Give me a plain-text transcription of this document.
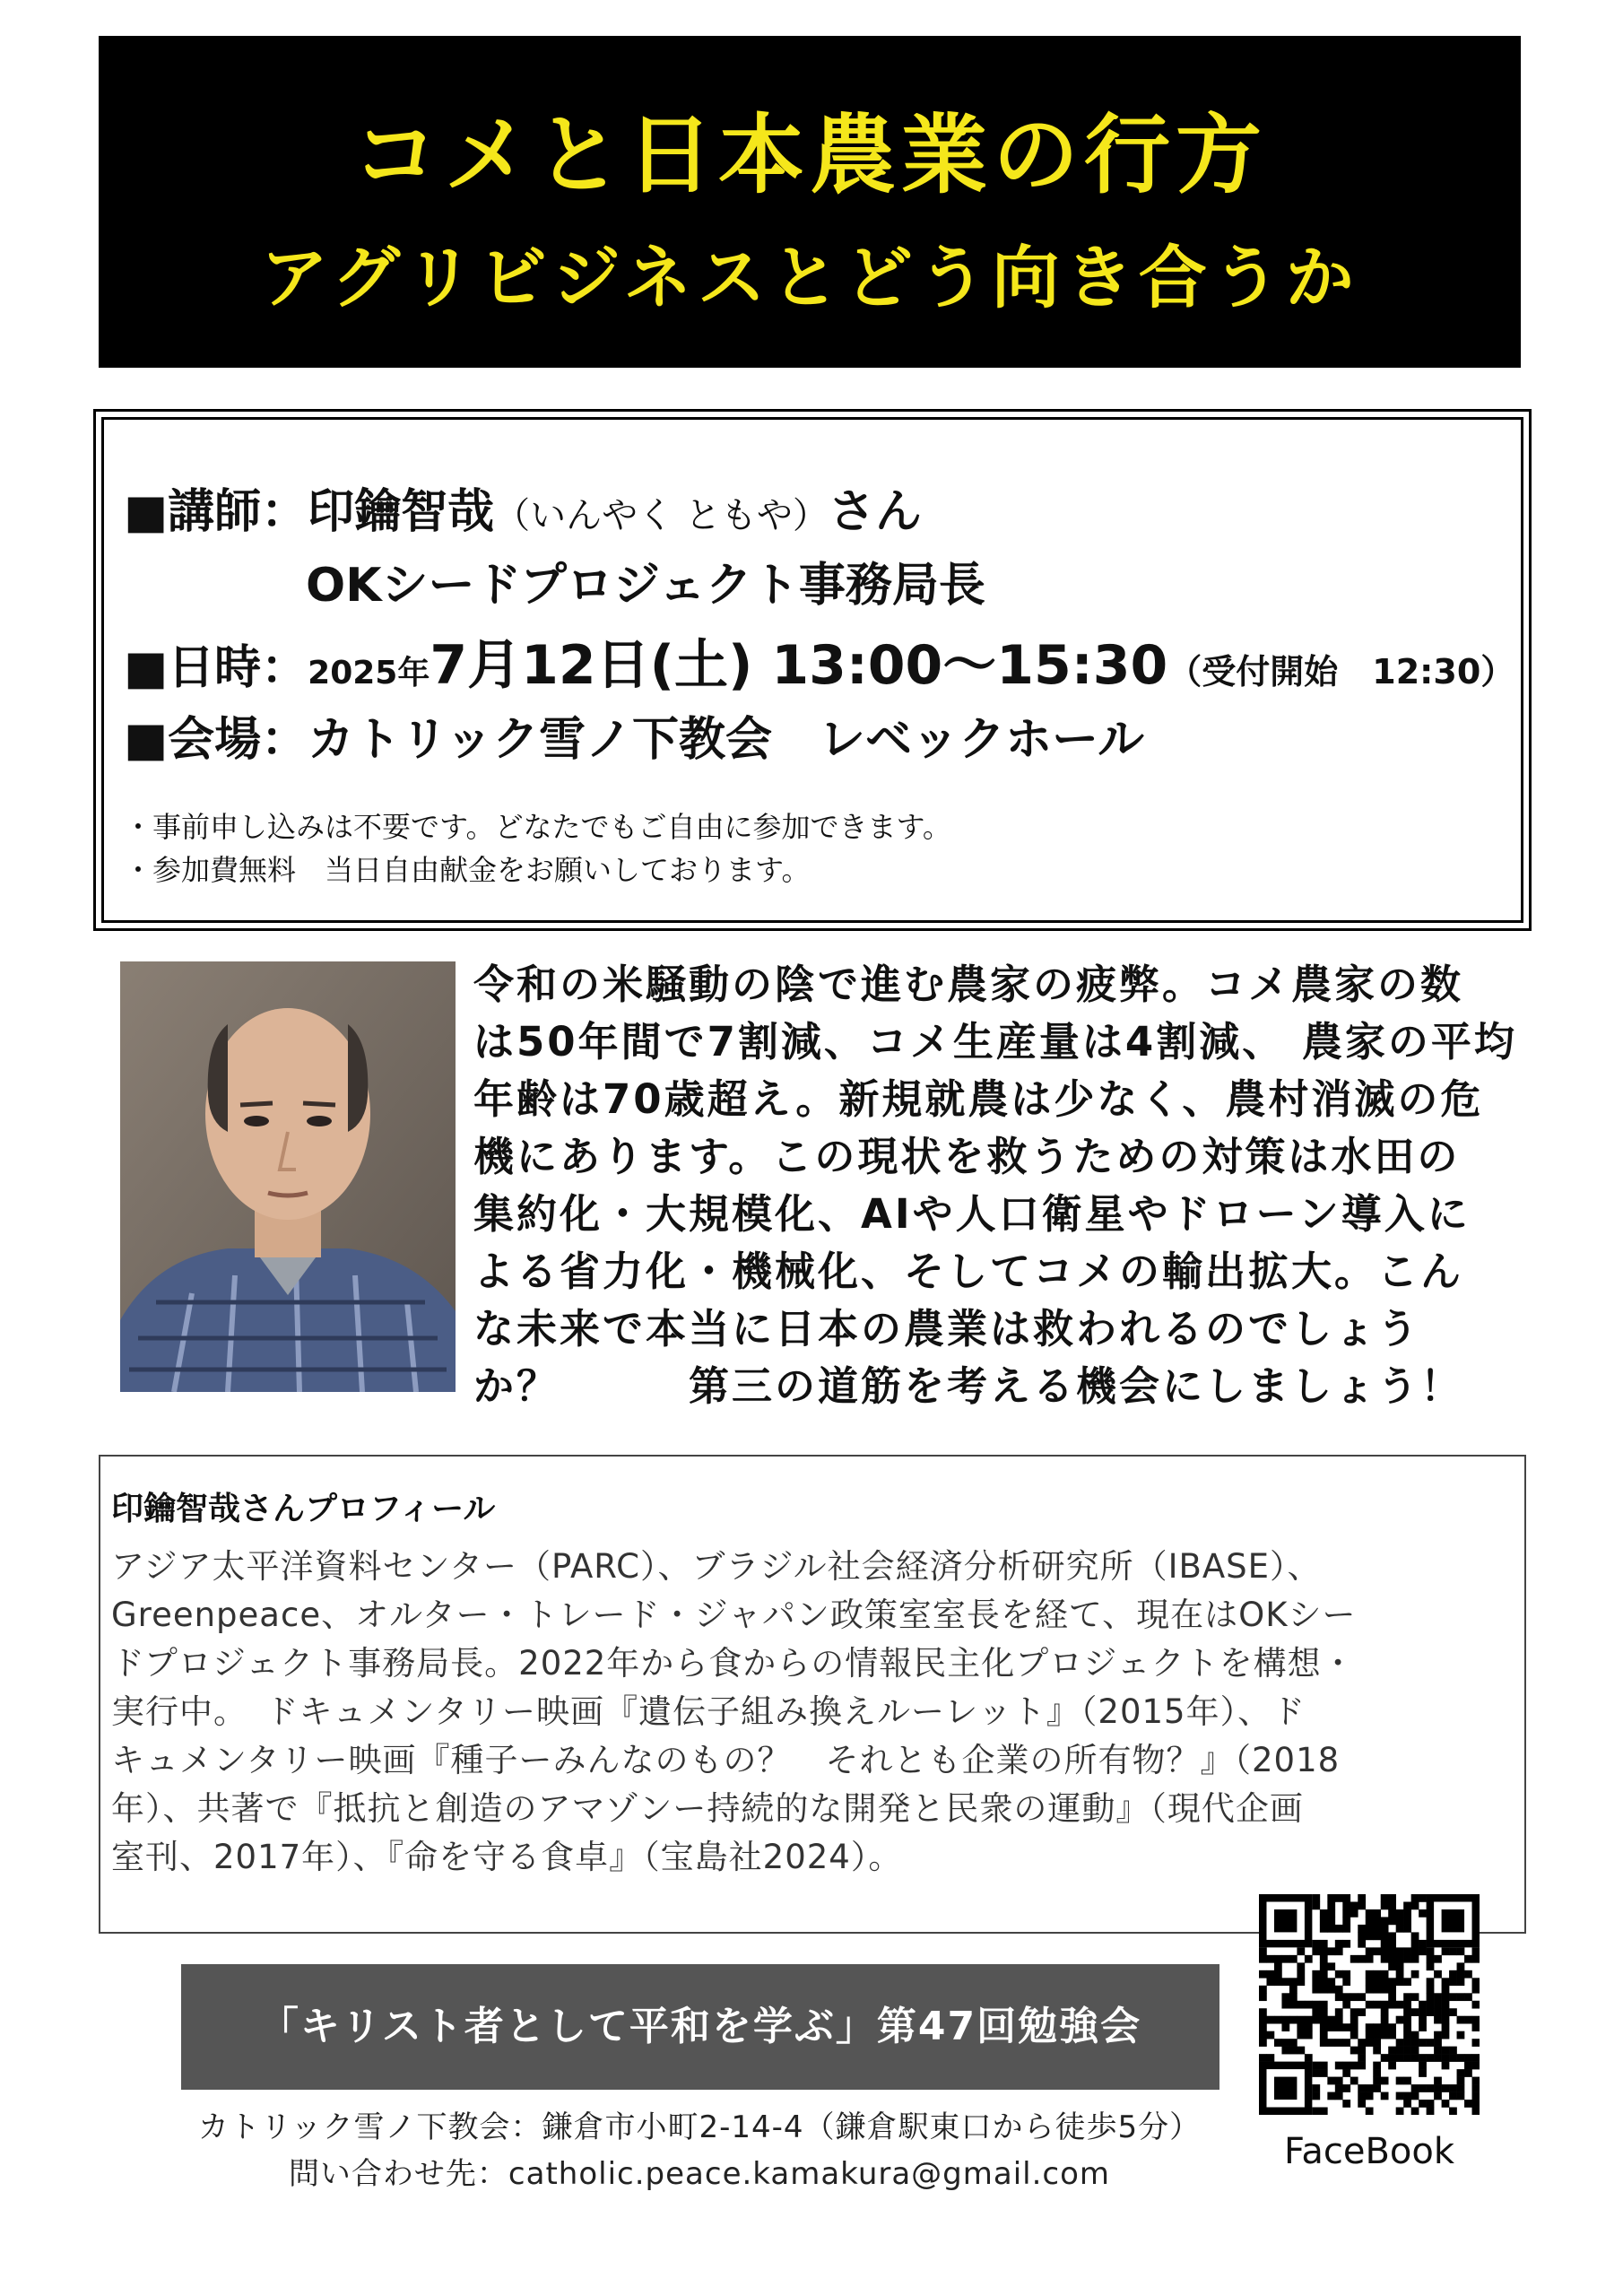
コメと日本農業の行方
アグリビジネスとどう向き合うか
■講師：印鑰智哉（いんやく ともや）さん
OKシードプロジェクト事務局長
■日時：2025年7月12日(土) 13:00〜15:30（受付開始　12:30）
■会場：カトリック雪ノ下教会　レベックホール
・事前申し込みは不要です。どなたでもご自由に参加できます。
・参加費無料　当日自由献金をお願いしております。
令和の米騒動の陰で進む農家の疲弊。コメ農家の数
は50年間で7割減、コメ生産量は4割減、 農家の平均
年齢は70歳超え。新規就農は少なく、農村消滅の危
機にあります。この現状を救うための対策は水田の
集約化・大規模化、AIや人口衛星やドローン導入に
よる省力化・機械化、そしてコメの輸出拡大。こん
な未来で本当に日本の農業は救われるのでしょう
か？　　　第三の道筋を考える機会にしましょう！
印鑰智哉さんプロフィール
アジア太平洋資料センター（PARC）、ブラジル社会経済分析研究所（IBASE）、
Greenpeace、オルター・トレード・ジャパン政策室室長を経て、現在はOKシー
ドプロジェクト事務局長。2022年から食からの情報民主化プロジェクトを構想・
実行中。　ドキュメンタリー映画『遺伝子組み換えルーレット』（2015年）、ド
キュメンタリー映画『種子ーみんなのもの？　それとも企業の所有物？』（2018
年）、共著で『抵抗と創造のアマゾンー持続的な開発と民衆の運動』（現代企画
室刊、2017年）、『命を守る食卓』（宝島社2024）。
「キリスト者として平和を学ぶ」第47回勉強会
カトリック雪ノ下教会：鎌倉市小町2-14-4（鎌倉駅東口から徒歩5分）
問い合わせ先：catholic.peace.kamakura@gmail.com
FaceBook
